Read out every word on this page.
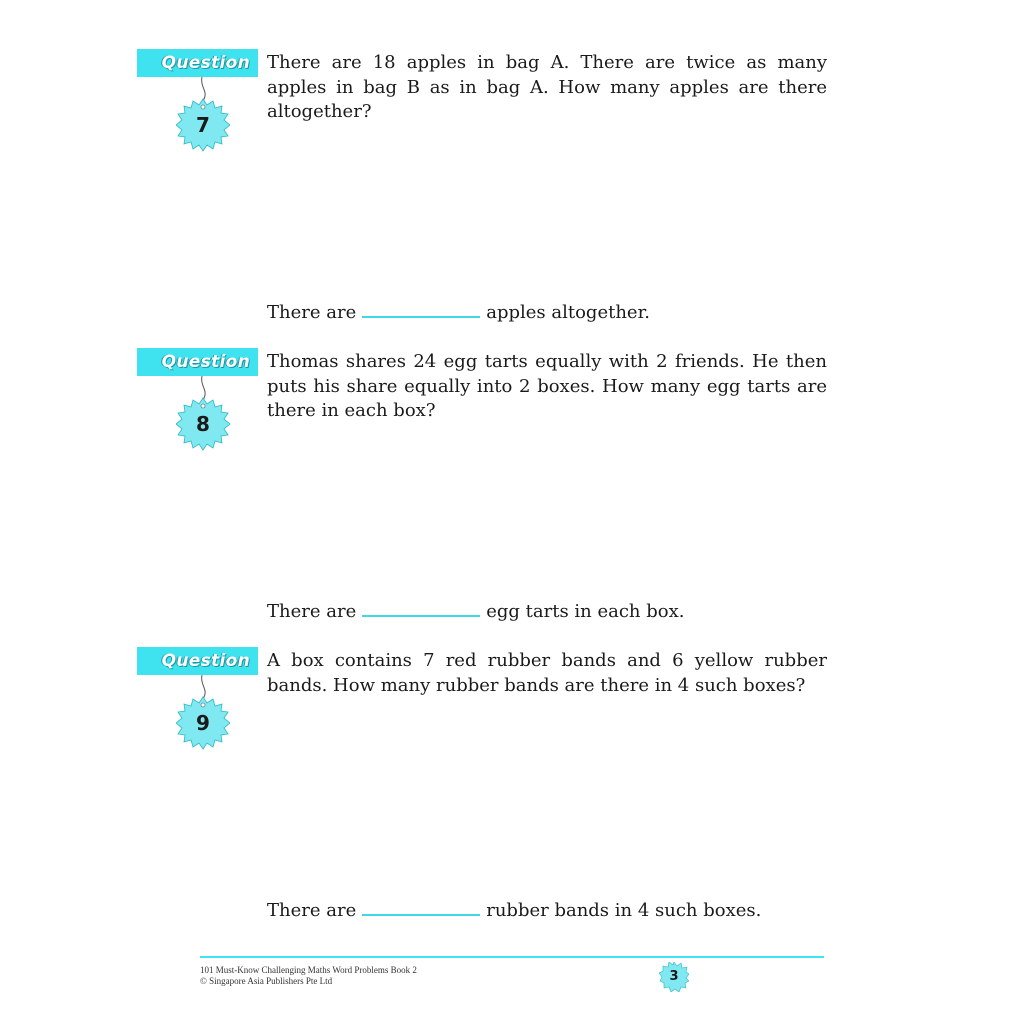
Question
7
There are 18 apples in bag A. There are twice as many apples in bag B as in bag A. How many apples are there altogether?
There are	apples altogether.
Question
8
Thomas shares 24 egg tarts equally with 2 friends. He then puts his share equally into 2 boxes. How many egg tarts are there in each box?
There are	egg tarts in each box.
Question
9
A box contains 7 red rubber bands and 6 yellow rubber bands. How many rubber bands are there in 4 such boxes?
There are	rubber bands in 4 such boxes.
101 Must-Know Challenging Maths Word Problems Book 2
© Singapore Asia Publishers Pte Ltd	3
